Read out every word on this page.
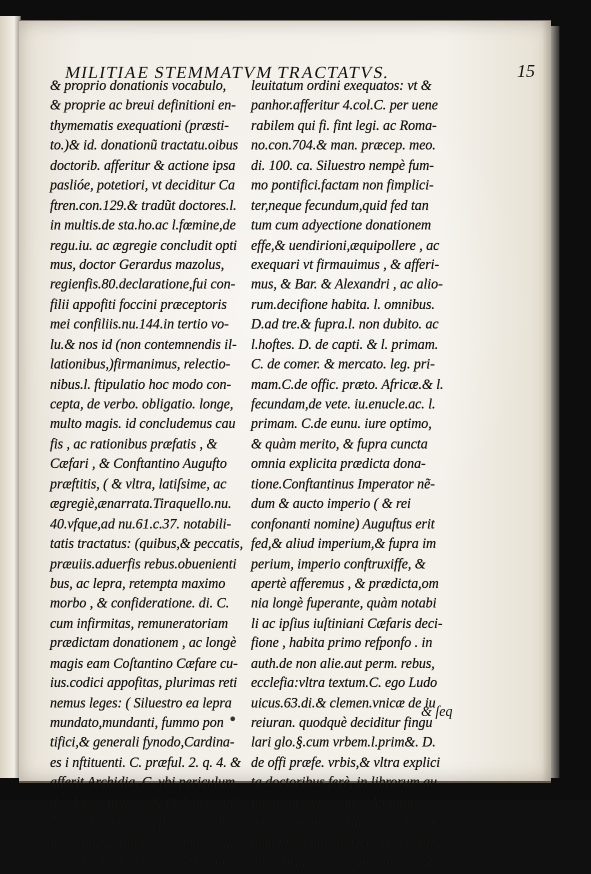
MILITIAE STEMMATVM TRACTATVS.	15
& proprio donationis vocabulo,
& proprie ac breui definitioni en-
thymematis exequationi (præsti-
to.)& id. donationũ tractatu.oibus
doctorib. afferitur & actione ipsa
paslióe, potetiori, vt deciditur Ca
ftren.con.129.& tradũt doctores.l.
in multis.de sta.ho.ac l.fœmine,de
regu.iu. ac ægregie concludit opti
mus, doctor Gerardus mazolus,
regienfis.80.declaratione,fui con-
filii appofiti foccini præceptoris
mei confiliis.nu.144.in tertio vo-
lu.& nos id (non contemnendis il-
lationibus,)firmanimus, relectio-
nibus.l. ftipulatio hoc modo con-
cepta, de verbo. obligatio. longe,
multo magis. id concludemus cau
fis , ac rationibus præfatis , &
Cæfari , & Conftantino Augufto
præftitis, ( & vltra, latiſsime, ac
ægregiè,ænarrata.Tiraquello.nu.
40.vfque,ad nu.61.c.37. notabili-
tatis tractatus: (quibus,& peccatis,
præuiis.aduerfis rebus.obuenienti
bus, ac lepra, retempta maximo
morbo , & confideratione. di. C.
cum infirmitas, remuneratoriam
prædictam donationem , ac longè
magis eam Coſtantino Cæfare cu-
ius.codici appofitas, plurimas reti
nemus leges: ( Siluestro ea lepra
mundato,mundanti, fummo pon
tifici,& generali fynodo,Cardina-
es i nftituenti. C. præful. 2. q. 4. &
afferit Archidia. C. vbi periculum
de electio.in fexto,& Oldra. confil.
73.& Mantua precep. meus . circa
fi.c. 100.& vltimi libri. obſer.lega
lium decimi Cardinales æternum,
leuitatum ordini exequatos: vt &
panhor.afferitur 4.col.C. per uene
rabilem qui fi. fint legi. ac Roma-
no.con.704.& man. præcep. meo.
di. 100. ca. Siluestro nempè fum-
mo pontifici.factam non fimplici-
ter,neque fecundum,quid fed tan
tum cum adyectione donationem
effe,& uendirioni,æquipollere , ac
exequari vt firmauimus , & afferi-
mus, & Bar. & Alexandri , ac alio-
rum.decifione habita. l. omnibus.
D.ad tre.& fupra.l. non dubito. ac
l.hoftes. D. de capti. & l. primam.
C. de comer. & mercato. leg. pri-
mam.C.de offic. præto. Africæ.& l.
fecundam,de vete. iu.enucle.ac. l.
primam. C.de eunu. iure optimo,
& quàm merito, & fupra cuncta
omnia explicita prædicta dona-
tione.Conftantinus Imperator nẽ-
dum & aucto imperio ( & rei
confonanti nomine) Auguftus erit
fed,& aliud imperium,& fupra im
perium, imperio conftruxiffe, &
apertè afferemus , & prædicta,om
nia longè fuperante, quàm notabi
li ac ipſius iuſtiniani Cæfaris deci-
fione , habita primo refponfo . in
auth.de non alie.aut perm. rebus,
ecclefia:vltra textum.C. ego Ludo
uicus.63.di.& clemen.vnicæ de iu
reiuran. quodquè deciditur fingu
lari glo.§.cum vrbem.l.prim&. D.
de offi præfe. vrbis,& vltra explici
ta doctoribus ferè, in librorum au
fpiciis ac ver. femper Auguftus ,
pandectarum. Codicis ac inſtitutio
num prohemii rubrica. Bal. confi.
38.in primo. caſtrenſi conſil. 284.
•	& ſeq
